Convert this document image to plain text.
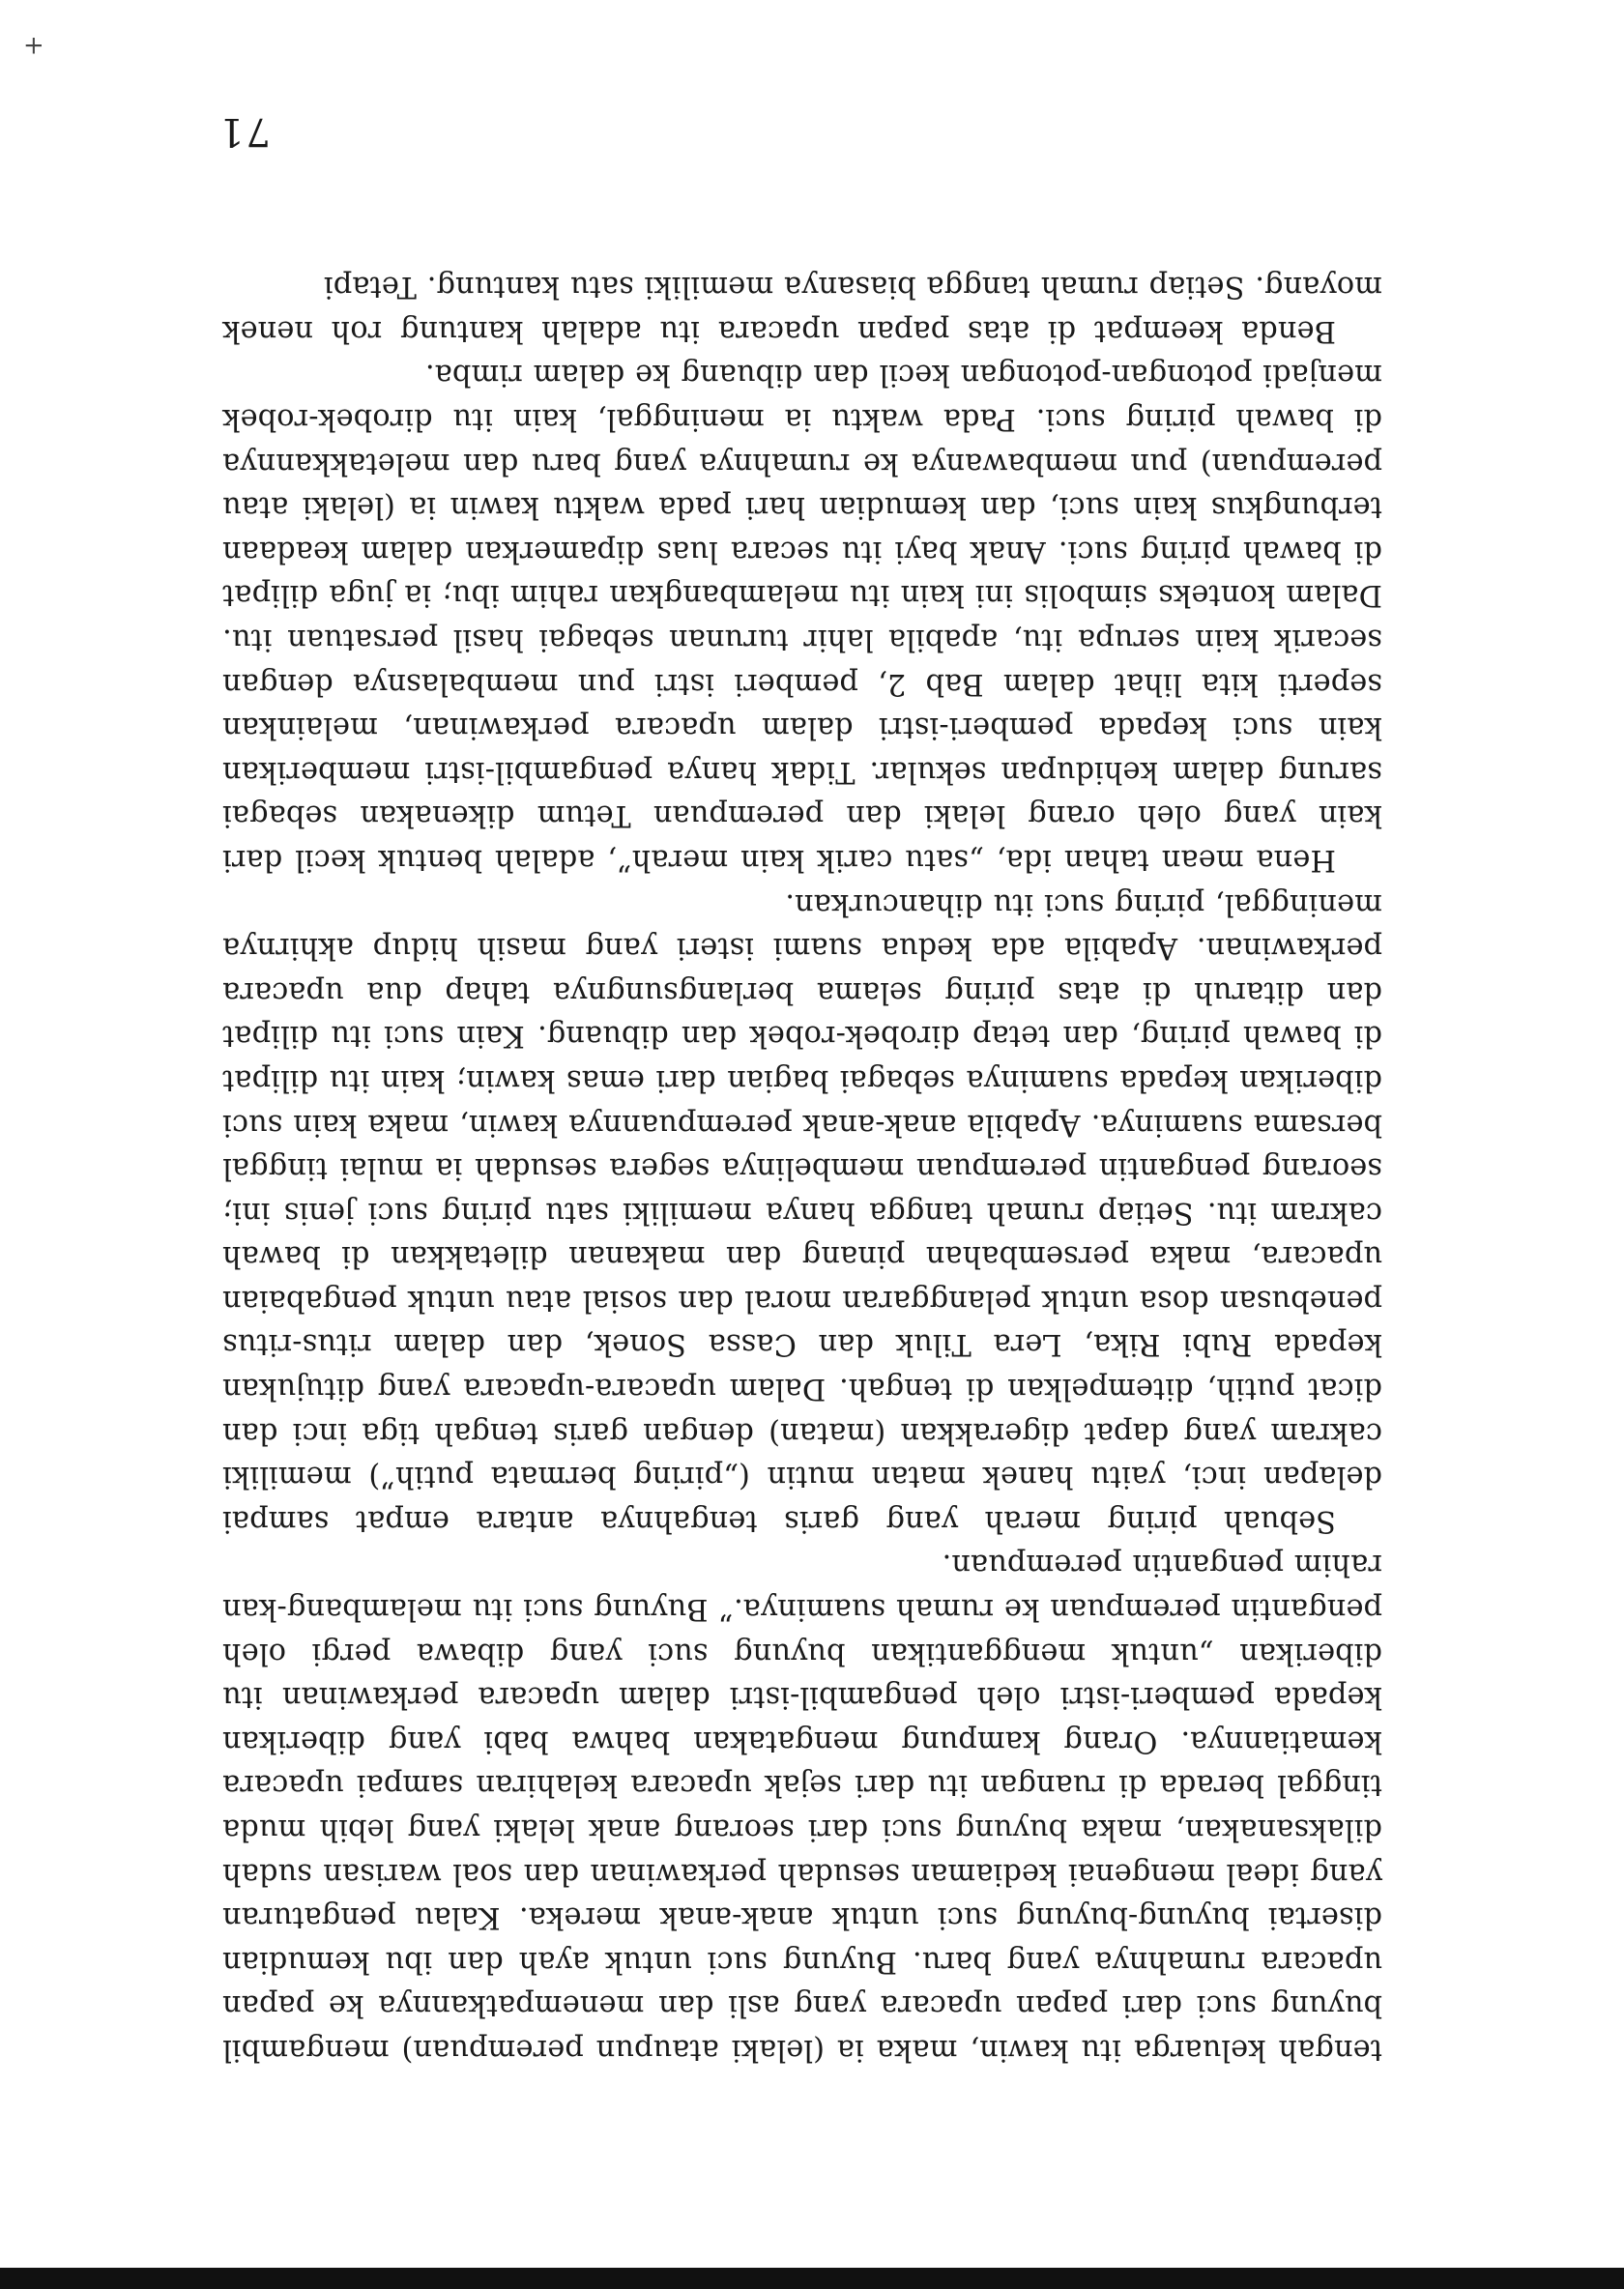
+

tengah keluarga itu kawin, maka ia (lelaki ataupun perempuan) mengambil buyung suci dari papan upacara yang asli dan menempatkannya ke papan upacara rumahnya yang baru. Buyung suci untuk ayah dan ibu kemudian disertai buyung-buyung suci untuk anak-anak mereka. Kalau pengaturan yang ideal mengenai kediaman sesudah perkawinan dan soal warisan sudah dilaksanakan, maka buyung suci dari seorang anak lelaki yang lebih muda tinggal berada di ruangan itu dari sejak upacara kelahiran sampai upacara kematiannya. Orang kampung mengatakan bahwa babi yang diberikan kepada pemberi-istri oleh pengambil-istri dalam upacara perkawinan itu diberikan „untuk menggantikan buyung suci yang dibawa pergi oleh pengantin perempuan ke rumah suaminya.” Buyung suci itu melambang-kan rahim pengantin perempuan.

Sebuah piring merah yang garis tengahnya antara empat sampai delapan inci, yaitu hanek matan mutin („piring bermata putih”) memiliki cakram yang dapat digerakkan (matan) dengan garis tengah tiga inci dan dicat putih, ditempelkan di tengah. Dalam upacara-upacara yang ditujukan kepada Rubi Rika, Lera Tiluk dan Cassa Sonek, dan dalam ritus-ritus penebusan dosa untuk pelanggaran moral dan sosial atau untuk pengabaian upacara, maka persembahan pinang dan makanan diletakkan di bawah cakram itu. Setiap rumah tangga hanya memiliki satu piring suci jenis ini; seorang pengantin perempuan membelinya segera sesudah ia mulai tinggal bersama suaminya. Apabila anak-anak perempuannya kawin, maka kain suci diberikan kepada suaminya sebagai bagian dari emas kawin; kain itu dilipat di bawah piring, dan tetap dirobek-robek dan dibuang. Kain suci itu dilipat dan ditaruh di atas piring selama berlangsungnya tahap dua upacara perkawinan. Apabila ada kedua suami isteri yang masih hidup akhirnya meninggal, piring suci itu dihancurkan.

Hena mean tahan ida, „satu carik kain merah”, adalah bentuk kecil dari kain yang oleh orang lelaki dan perempuan Tetum dikenakan sebagai sarung dalam kehidupan sekular. Tidak hanya pengambil-istri memberikan kain suci kepada pemberi-istri dalam upacara perkawinan, melainkan seperti kita lihat dalam Bab 2, pemberi istri pun membalasnya dengan secarik kain serupa itu, apabila lahir turunan sebagai hasil persatuan itu. Dalam konteks simbolis ini kain itu melambangkan rahim ibu; ia juga dilipat di bawah piring suci. Anak bayi itu secara luas dipamerkan dalam keadaan terbungkus kain suci, dan kemudian hari pada waktu kawin ia (lelaki atau perempuan) pun membawanya ke rumahnya yang baru dan meletakkannya di bawah piring suci. Pada waktu ia meninggal, kain itu dirobek-robek menjadi potongan-potongan kecil dan dibuang ke dalam rimba.

Benda keempat di atas papan upacara itu adalah kantung roh nenek moyang. Setiap rumah tangga biasanya memiliki satu kantung. Tetapi

71
